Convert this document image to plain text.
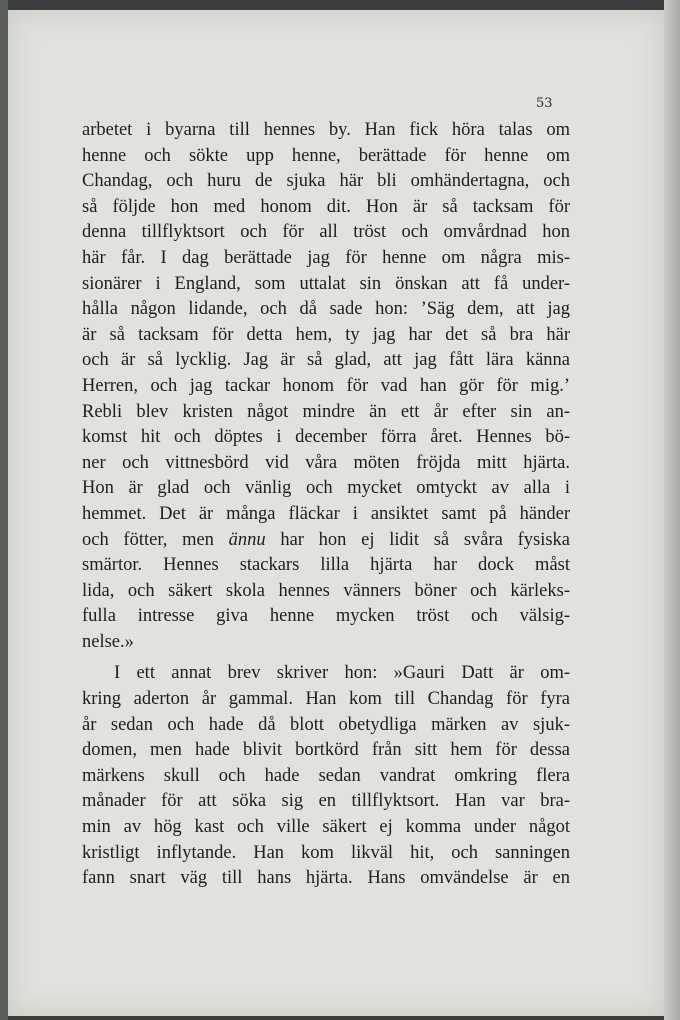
53
arbetet i byarna till hennes by. Han fick höra talas om
henne och sökte upp henne, berättade för henne om
Chandag, och huru de sjuka här bli omhändertagna, och
så följde hon med honom dit. Hon är så tacksam för
denna tillflyktsort och för all tröst och omvårdnad hon
här får. I dag berättade jag för henne om några mis-
sionärer i England, som uttalat sin önskan att få under-
hålla någon lidande, och då sade hon: ’Säg dem, att jag
är så tacksam för detta hem, ty jag har det så bra här
och är så lycklig. Jag är så glad, att jag fått lära känna
Herren, och jag tackar honom för vad han gör för mig.’
Rebli blev kristen något mindre än ett år efter sin an-
komst hit och döptes i december förra året. Hennes bö-
ner och vittnesbörd vid våra möten fröjda mitt hjärta.
Hon är glad och vänlig och mycket omtyckt av alla i
hemmet. Det är många fläckar i ansiktet samt på händer
och fötter, men ännu har hon ej lidit så svåra fysiska
smärtor. Hennes stackars lilla hjärta har dock måst
lida, och säkert skola hennes vänners böner och kärleks-
fulla intresse giva henne mycken tröst och välsig-
nelse.»
I ett annat brev skriver hon: »Gauri Datt är om-
kring aderton år gammal. Han kom till Chandag för fyra
år sedan och hade då blott obetydliga märken av sjuk-
domen, men hade blivit bortkörd från sitt hem för dessa
märkens skull och hade sedan vandrat omkring flera
månader för att söka sig en tillflyktsort. Han var bra-
min av hög kast och ville säkert ej komma under något
kristligt inflytande. Han kom likväl hit, och sanningen
fann snart väg till hans hjärta. Hans omvändelse är en
